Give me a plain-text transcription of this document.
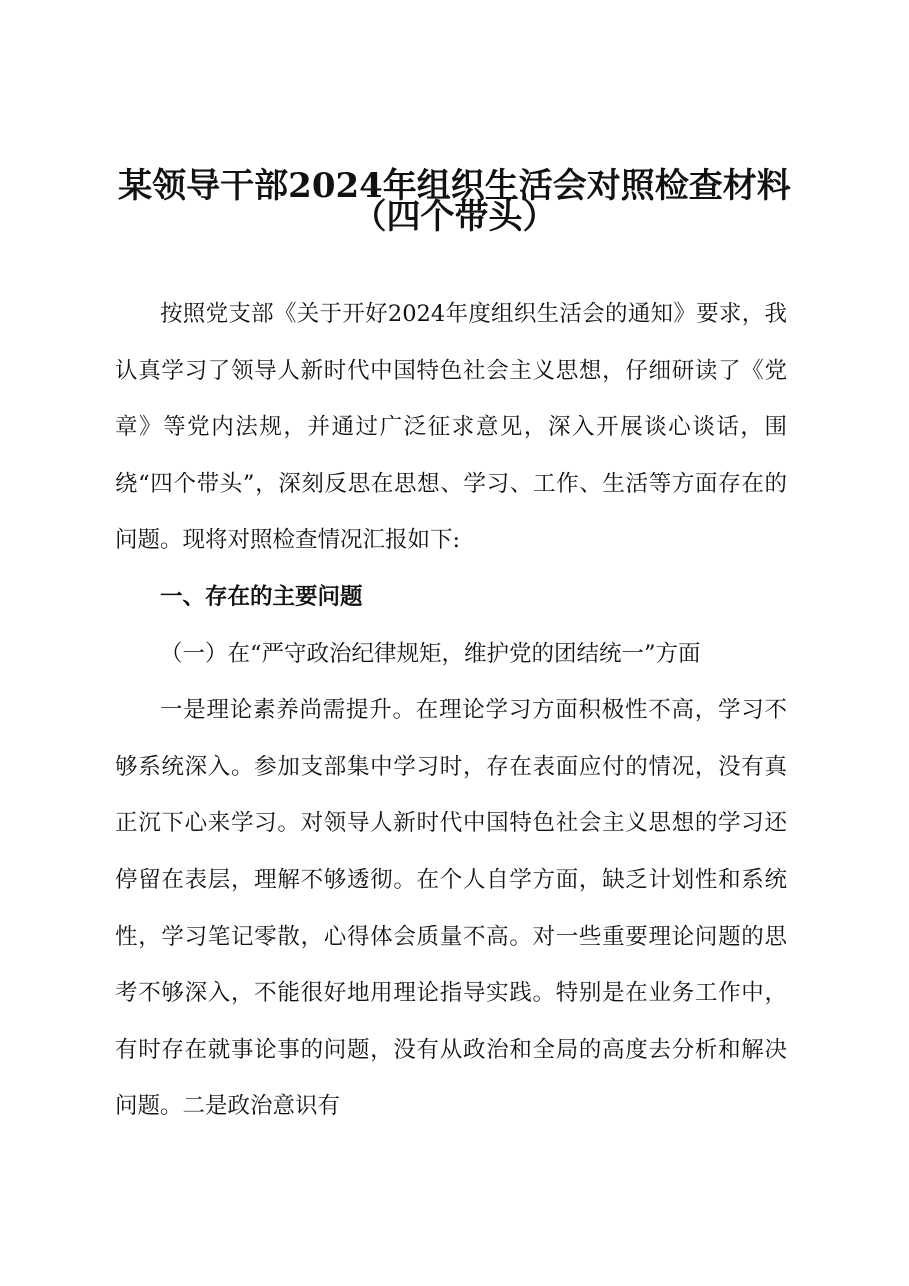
某领导干部2024年组织生活会对照检查材料
（四个带头）

按照党支部《关于开好2024年度组织生活会的通知》要求，我认真学习了领导人新时代中国特色社会主义思想，仔细研读了《党章》等党内法规，并通过广泛征求意见，深入开展谈心谈话，围绕“四个带头”，深刻反思在思想、学习、工作、生活等方面存在的问题。现将对照检查情况汇报如下:

一、存在的主要问题
（一）在“严守政治纪律规矩，维护党的团结统一”方面

一是理论素养尚需提升。在理论学习方面积极性不高，学习不够系统深入。参加支部集中学习时，存在表面应付的情况，没有真正沉下心来学习。对领导人新时代中国特色社会主义思想的学习还停留在表层，理解不够透彻。在个人自学方面，缺乏计划性和系统性，学习笔记零散，心得体会质量不高。对一些重要理论问题的思考不够深入，不能很好地用理论指导实践。特别是在业务工作中，有时存在就事论事的问题，没有从政治和全局的高度去分析和解决问题。二是政治意识有
